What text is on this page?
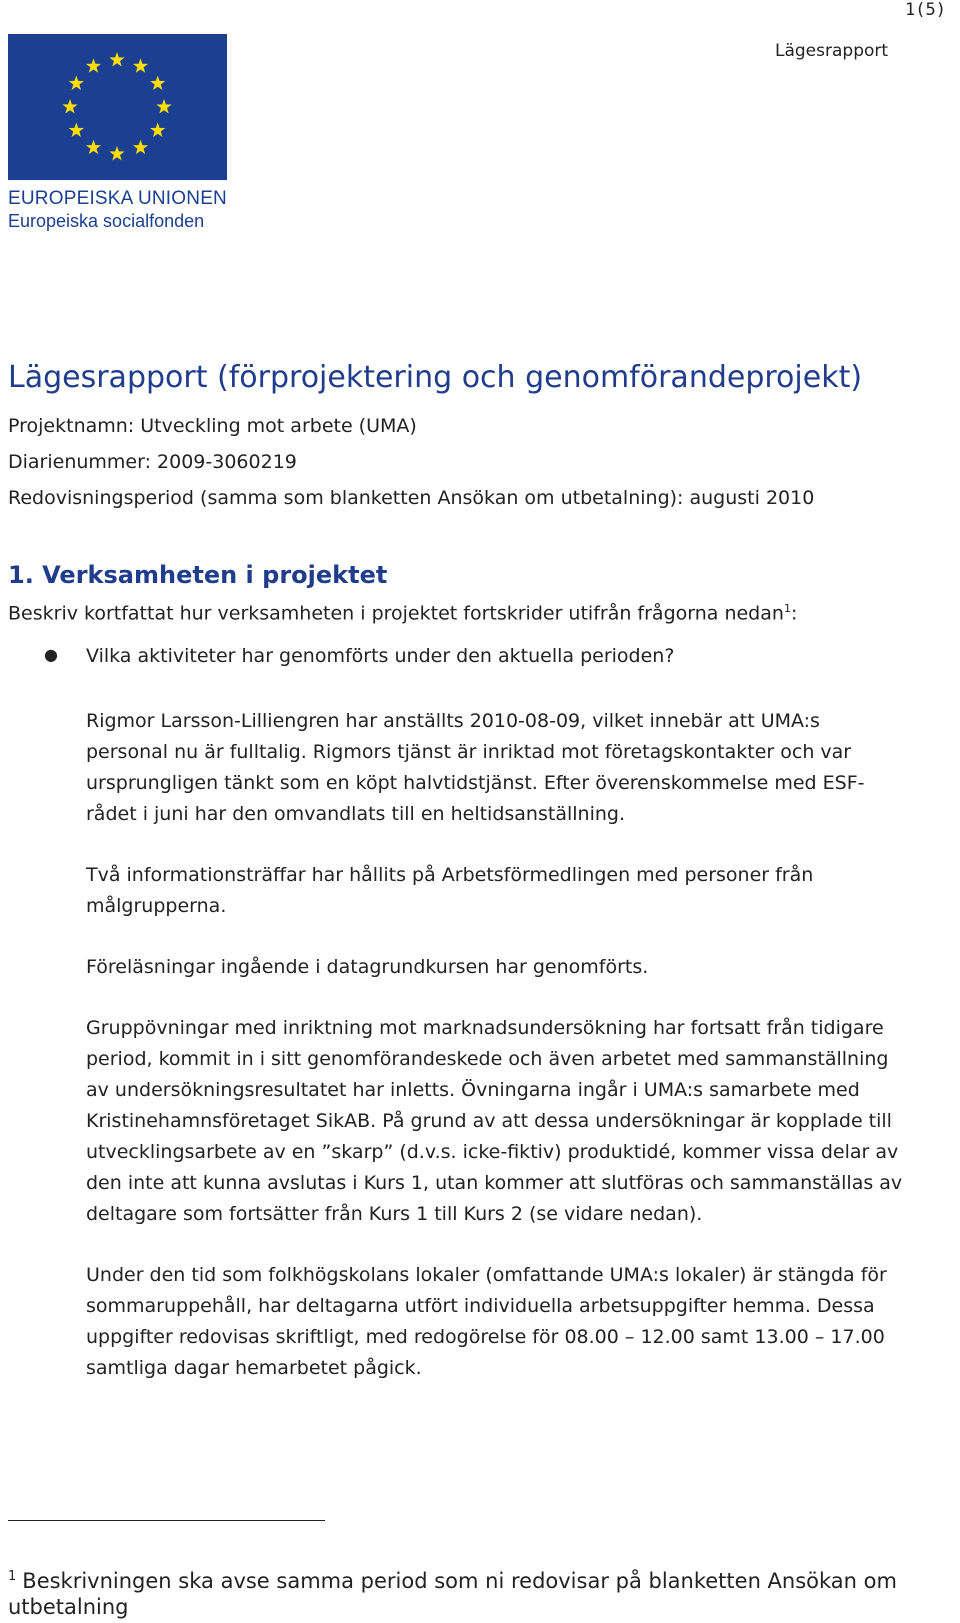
1(5)
Lägesrapport
EUROPEISKA UNIONEN
Europeiska socialfonden
Lägesrapport (förprojektering och genomförandeprojekt)
Projektnamn: Utveckling mot arbete (UMA)
Diarienummer: 2009-3060219
Redovisningsperiod (samma som blanketten Ansökan om utbetalning): augusti 2010
1. Verksamheten i projektet
Beskriv kortfattat hur verksamheten i projektet fortskrider utifrån frågorna nedan$^1$:
● Vilka aktiviteter har genomförts under den aktuella perioden?

Rigmor Larsson-Lilliengren har anställts 2010-08-09, vilket innebär att UMA:s personal nu är fulltalig. Rigmors tjänst är inriktad mot företagskontakter och var ursprungligen tänkt som en köpt halvtidstjänst. Efter överenskommelse med ESF-rådet i juni har den omvandlats till en heltidsanställning.

Två informationsträffar har hållits på Arbetsförmedlingen med personer från målgrupperna.

Föreläsningar ingående i datagrundkursen har genomförts.

Gruppövningar med inriktning mot marknadsundersökning har fortsatt från tidigare period, kommit in i sitt genomförandeskede och även arbetet med sammanställning av undersökningsresultatet har inletts. Övningarna ingår i UMA:s samarbete med Kristinehamnsföretaget SikAB. På grund av att dessa undersökningar är kopplade till utvecklingsarbete av en ”skarp” (d.v.s. icke-fiktiv) produktidé, kommer vissa delar av den inte att kunna avslutas i Kurs 1, utan kommer att slutföras och sammanställas av deltagare som fortsätter från Kurs 1 till Kurs 2 (se vidare nedan).

Under den tid som folkhögskolans lokaler (omfattande UMA:s lokaler) är stängda för sommaruppehåll, har deltagarna utfört individuella arbetsuppgifter hemma. Dessa uppgifter redovisas skriftligt, med redogörelse för 08.00 – 12.00 samt 13.00 – 17.00 samtliga dagar hemarbetet pågick.

$^1$ Beskrivningen ska avse samma period som ni redovisar på blanketten Ansökan om utbetalning
